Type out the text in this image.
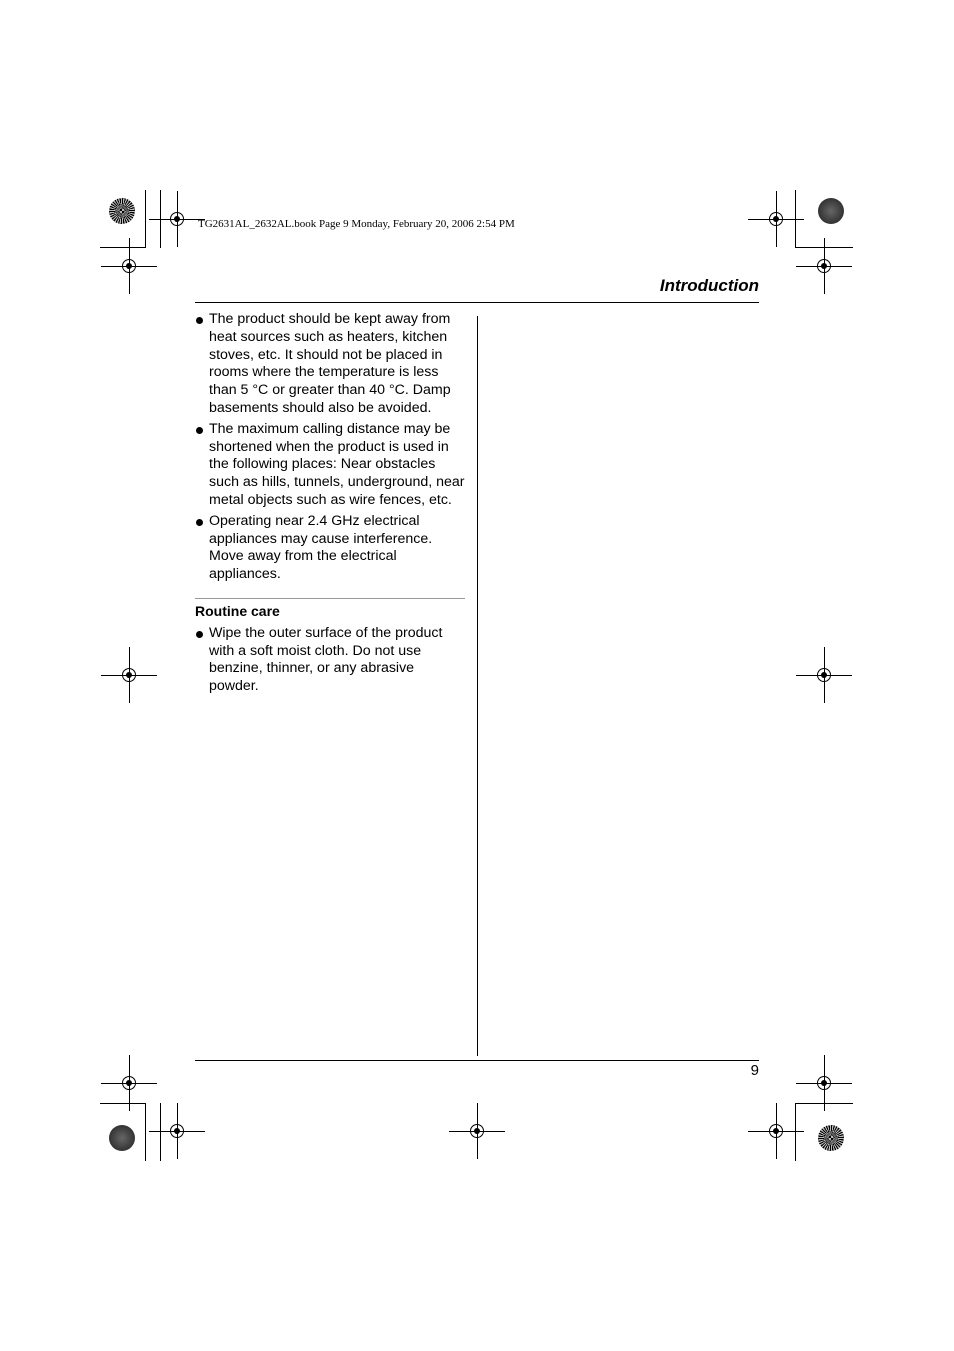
TG2631AL_2632AL.book Page 9 Monday, February 20, 2006 2:54 PM
Introduction
The product should be kept away from heat sources such as heaters, kitchen stoves, etc. It should not be placed in rooms where the temperature is less than 5 °C or greater than 40 °C. Damp basements should also be avoided.
The maximum calling distance may be shortened when the product is used in the following places: Near obstacles such as hills, tunnels, underground, near metal objects such as wire fences, etc.
Operating near 2.4 GHz electrical appliances may cause interference. Move away from the electrical appliances.
Routine care
Wipe the outer surface of the product with a soft moist cloth. Do not use benzine, thinner, or any abrasive powder.
9
